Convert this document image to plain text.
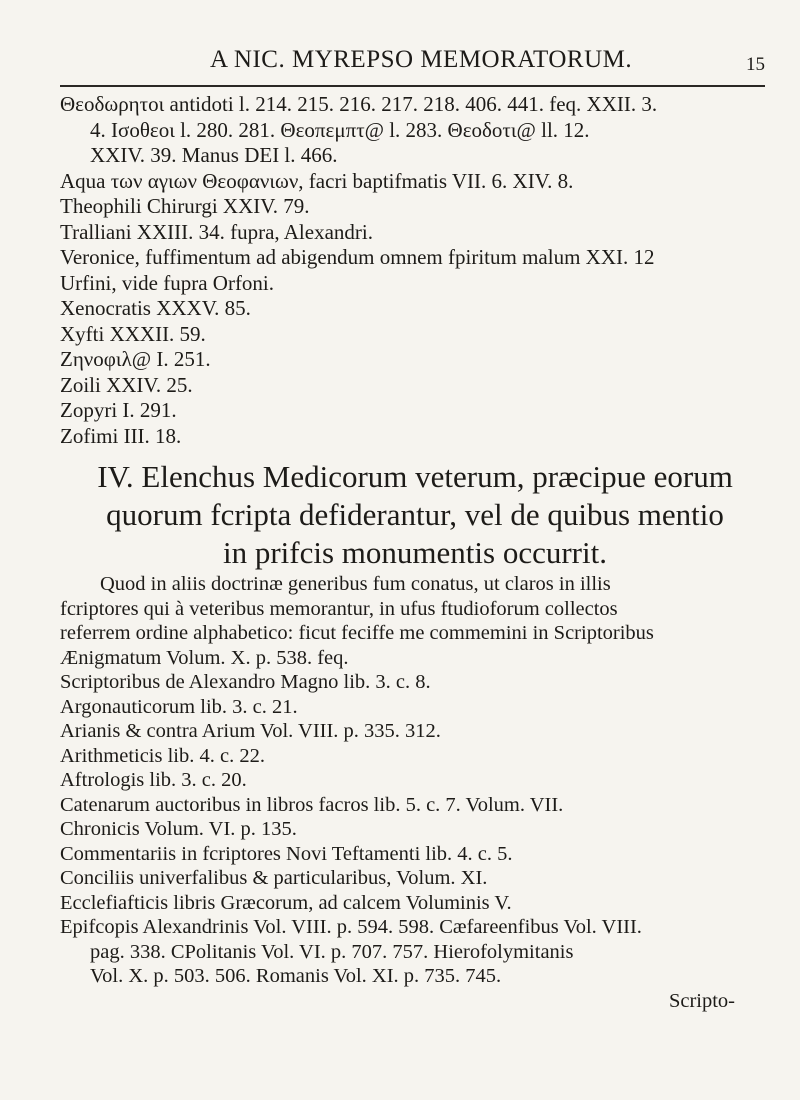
A NIC. MYREPSO MEMORATORUM.	15
Θεοδωρητοι antidoti l. 214. 215. 216. 217. 218. 406. 441. feq. XXII. 3.
4. Ισοθεοι l. 280. 281. Θεοπεμπτ@ l. 283. Θεοδοτι@ ll. 12.
XXIV. 39. Manus DEI l. 466.
Aqua των αγιων Θεοφανιων, facri baptifmatis VII. 6. XIV. 8.
Theophili Chirurgi XXIV. 79.
Tralliani XXIII. 34. fupra, Alexandri.
Veronice, fuffimentum ad abigendum omnem fpiritum malum XXI. 12
Urfini, vide fupra Orfoni.
Xenocratis XXXV. 85.
Xyfti XXXII. 59.
Ζηνοφιλ@ I. 251.
Zoili XXIV. 25.
Zopyri I. 291.
Zofimi III. 18.
IV. Elenchus Medicorum veterum, præcipue eorum
quorum fcripta defiderantur, vel de quibus mentio
in prifcis monumentis occurrit.
Quod in aliis doctrinæ generibus fum conatus, ut claros in illis
fcriptores qui à veteribus memorantur, in ufus ftudioforum collectos
referrem ordine alphabetico: ficut feciffe me commemini in Scriptoribus
Ænigmatum Volum. X. p. 538. feq.
Scriptoribus de Alexandro Magno lib. 3. c. 8.
Argonauticorum lib. 3. c. 21.
Arianis & contra Arium Vol. VIII. p. 335. 312.
Arithmeticis lib. 4. c. 22.
Aftrologis lib. 3. c. 20.
Catenarum auctoribus in libros facros lib. 5. c. 7. Volum. VII.
Chronicis Volum. VI. p. 135.
Commentariis in fcriptores Novi Teftamenti lib. 4. c. 5.
Conciliis univerfalibus & particularibus, Volum. XI.
Ecclefiafticis libris Græcorum, ad calcem Voluminis V.
Epifcopis Alexandrinis Vol. VIII. p. 594. 598. Cæfareenfibus Vol. VIII.
pag. 338. CPolitanis Vol. VI. p. 707. 757. Hierofolymitanis
Vol. X. p. 503. 506. Romanis Vol. XI. p. 735. 745.
Scripto-
